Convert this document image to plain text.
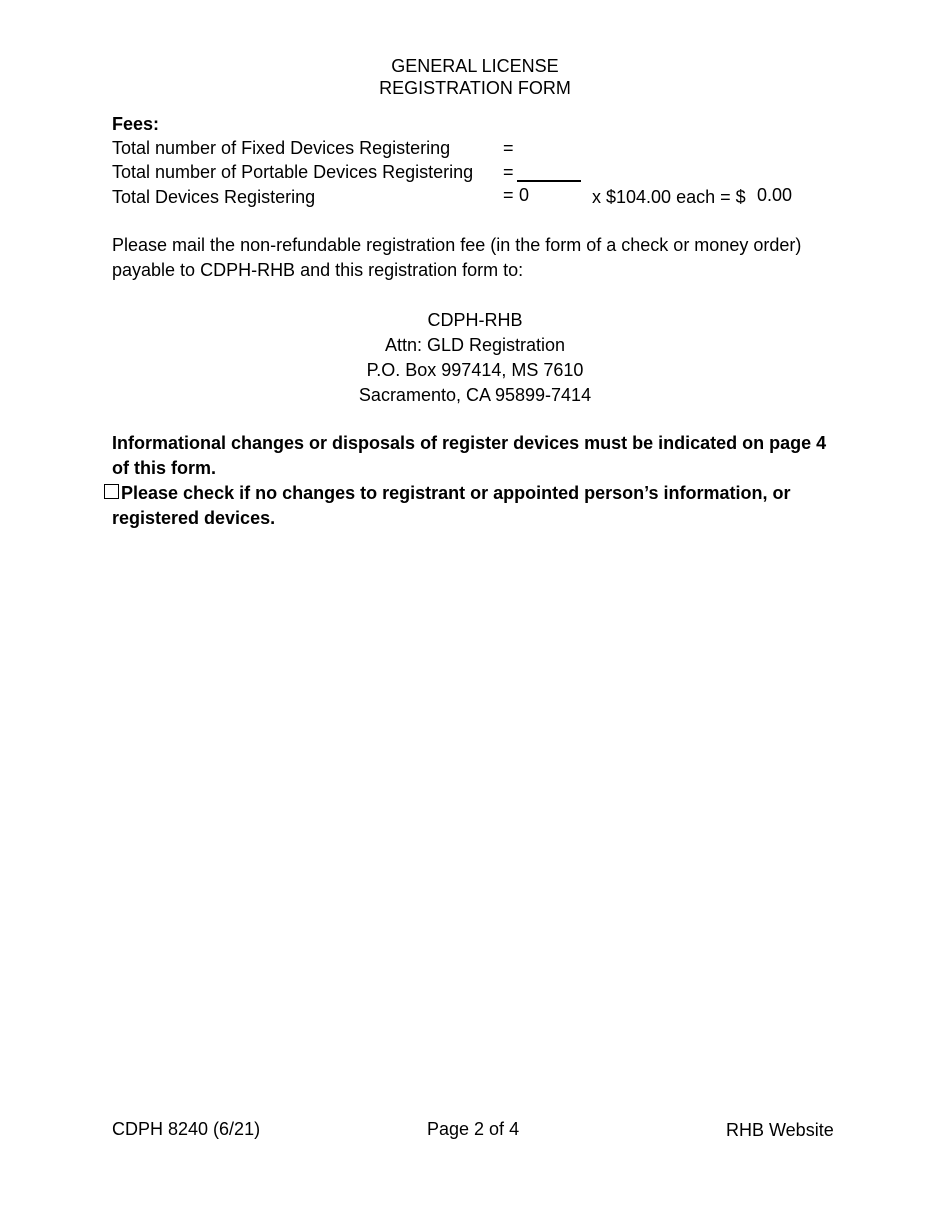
GENERAL LICENSE
REGISTRATION FORM
Fees:
Total number of Fixed Devices Registering	=
Total number of Portable Devices Registering =
Total Devices Registering	= 0	x $104.00 each = $ 0.00
Please mail the non-refundable registration fee (in the form of a check or money order) payable to CDPH-RHB and this registration form to:
CDPH-RHB
Attn: GLD Registration
P.O. Box 997414, MS 7610
Sacramento, CA 95899-7414
Informational changes or disposals of register devices must be indicated on page 4 of this form.
Please check if no changes to registrant or appointed person’s information, or registered devices.
CDPH 8240 (6/21)	Page 2 of 4	RHB Website
